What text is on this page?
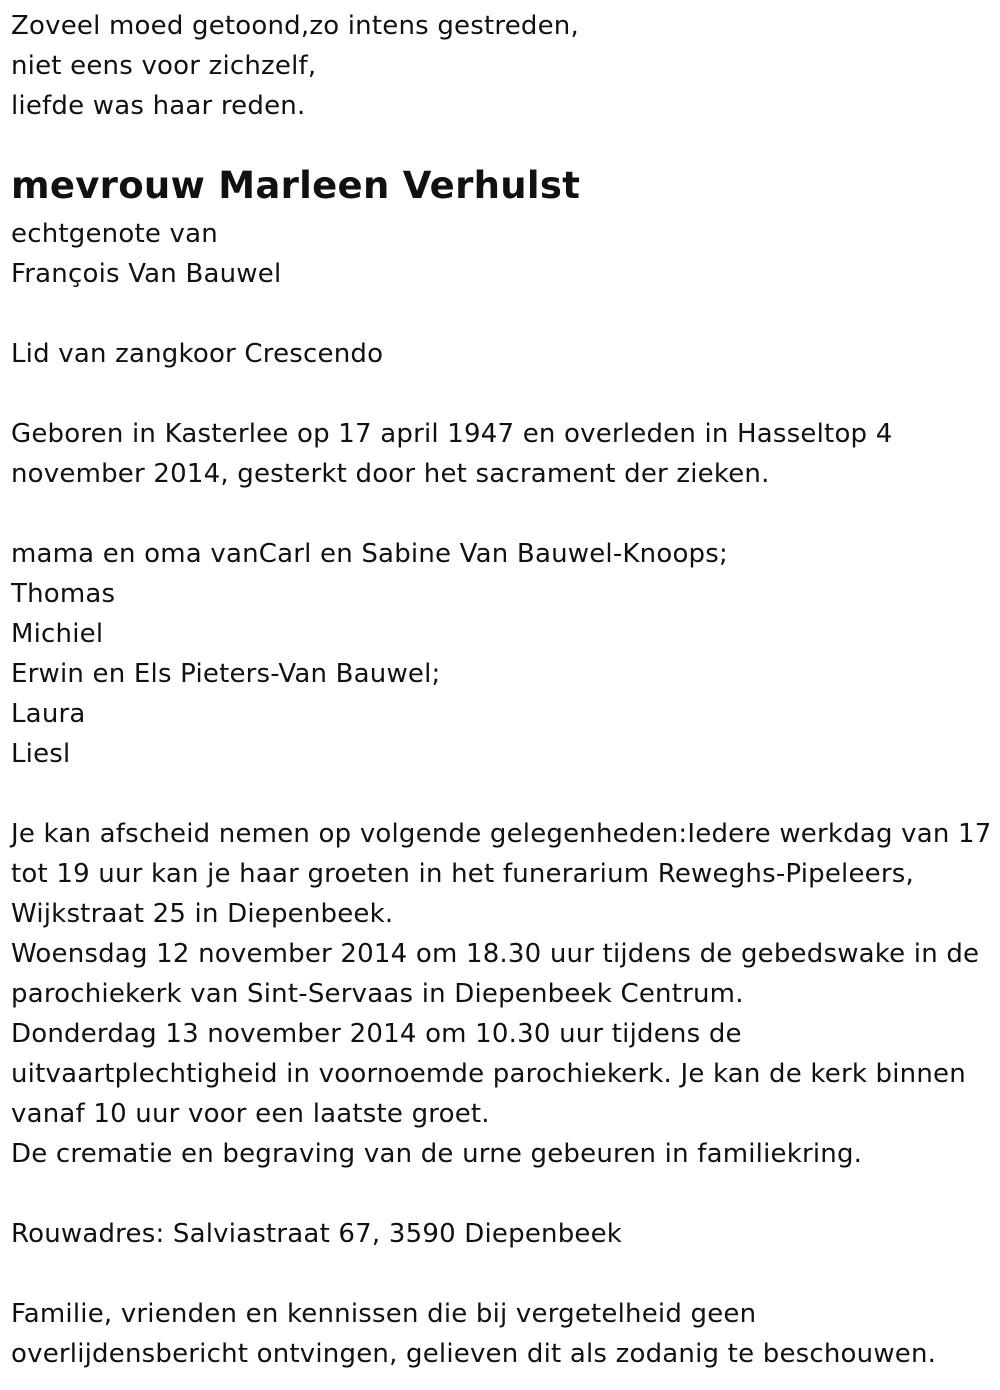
Zoveel moed getoond,zo intens gestreden,
niet eens voor zichzelf,
liefde was haar reden.
mevrouw Marleen Verhulst
echtgenote van
François Van Bauwel
Lid van zangkoor Crescendo
Geboren in Kasterlee op 17 april 1947 en overleden in Hasseltop 4
november 2014, gesterkt door het sacrament der zieken.
mama en oma vanCarl en Sabine Van Bauwel-Knoops;
Thomas
Michiel
Erwin en Els Pieters-Van Bauwel;
Laura
Liesl
Je kan afscheid nemen op volgende gelegenheden:Iedere werkdag van 17
tot 19 uur kan je haar groeten in het funerarium Reweghs-Pipeleers,
Wijkstraat 25 in Diepenbeek.
Woensdag 12 november 2014 om 18.30 uur tijdens de gebedswake in de
parochiekerk van Sint-Servaas in Diepenbeek Centrum.
Donderdag 13 november 2014 om 10.30 uur tijdens de
uitvaartplechtigheid in voornoemde parochiekerk. Je kan de kerk binnen
vanaf 10 uur voor een laatste groet.
De crematie en begraving van de urne gebeuren in familiekring.
Rouwadres: Salviastraat 67, 3590 Diepenbeek
Familie, vrienden en kennissen die bij vergetelheid geen
overlijdensbericht ontvingen, gelieven dit als zodanig te beschouwen.
